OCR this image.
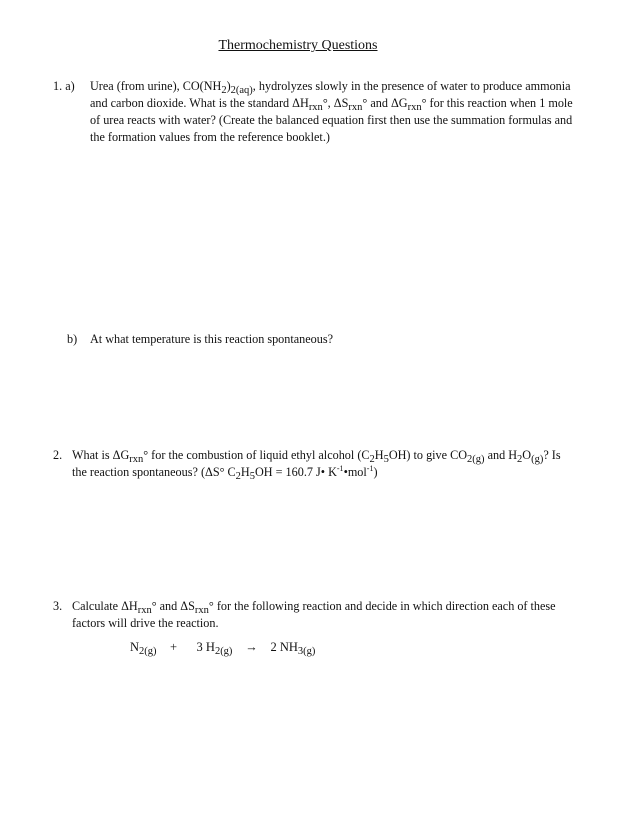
Thermochemistry Questions
1. a)	Urea (from urine), CO(NH2)2(aq), hydrolyzes slowly in the presence of water to produce ammonia
and carbon dioxide. What is the standard ΔHrxn°, ΔSrxn° and ΔGrxn° for this reaction when 1 mole
of urea reacts with water? (Create the balanced equation first then use the summation formulas and
the formation values from the reference booklet.)
b)	At what temperature is this reaction spontaneous?
2. What is ΔGrxn° for the combustion of liquid ethyl alcohol (C2H5OH) to give CO2(g) and H2O(g)? Is
the reaction spontaneous? (ΔS° C2H5OH = 160.7 J• $K^{-1}•mol^{-1}$)
3. Calculate ΔHrxn° and ΔSrxn° for the following reaction and decide in which direction each of these
factors will drive the reaction.
$N_{2(g)} + 3$ $H_{2(g)} \to 2$ $NH_{3(g)}$
